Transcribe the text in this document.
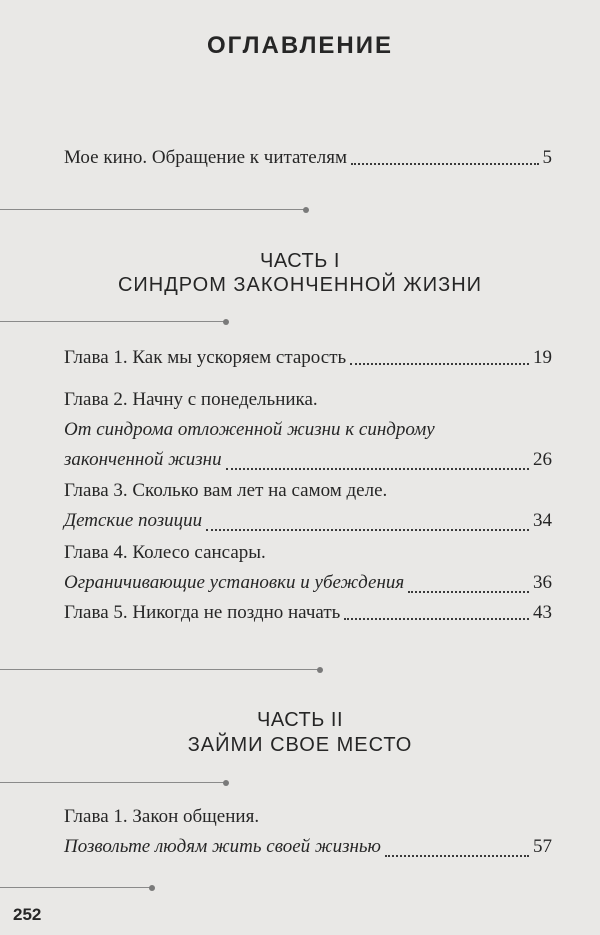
ОГЛАВЛЕНИЕ
Мое кино. Обращение к читателям	5
ЧАСТЬ I
СИНДРОМ ЗАКОНЧЕННОЙ ЖИЗНИ
Глава 1. Как мы ускоряем старость	19
Глава 2. Начну с понедельника.
От синдрома отложенной жизни к синдрому
законченной жизни	26
Глава 3. Сколько вам лет на самом деле.
Детские позиции	34
Глава 4. Колесо сансары.
Ограничивающие установки и убеждения	36
Глава 5. Никогда не поздно начать	43
ЧАСТЬ II
ЗАЙМИ СВОЕ МЕСТО
Глава 1. Закон общения.
Позвольте людям жить своей жизнью	57
252
